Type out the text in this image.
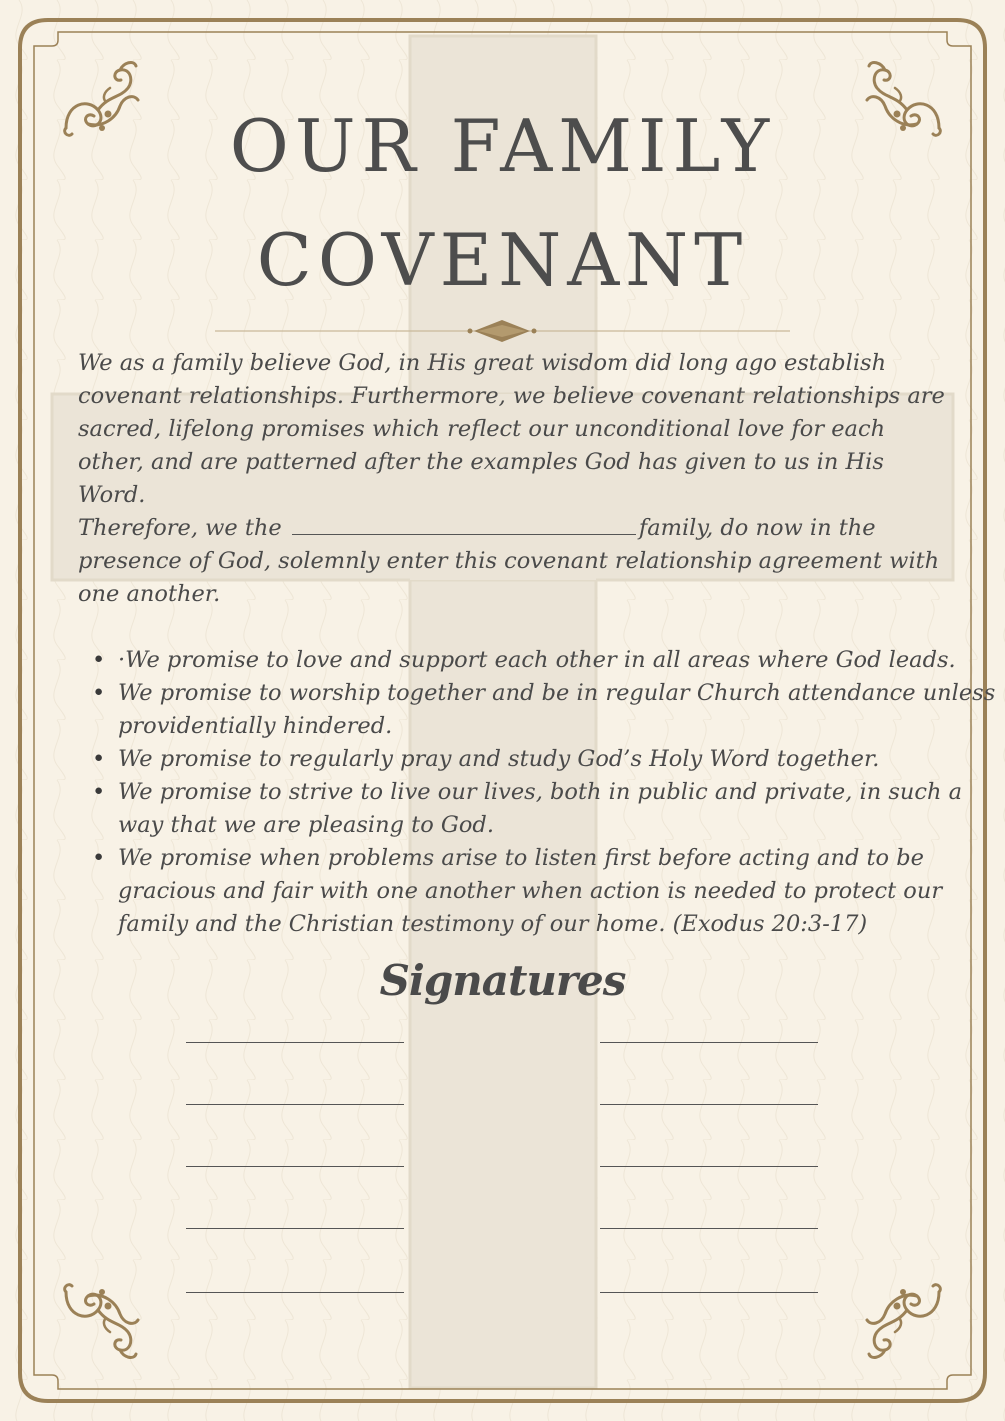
OUR FAMILY
COVENANT

We as a family believe God, in His great wisdom did long ago establish covenant relationships. Furthermore, we believe covenant relationships are sacred, lifelong promises which reflect our unconditional love for each other, and are patterned after the examples God has given to us in His Word.

Therefore, we the	family, do now in the presence of God, solemnly enter this covenant relationship agreement with one another.

• ·We promise to love and support each other in all areas where God leads.
• We promise to worship together and be in regular Church attendance unless providentially hindered.
• We promise to regularly pray and study God’s Holy Word together.
• We promise to strive to live our lives, both in public and private, in such a way that we are pleasing to God.
• We promise when problems arise to listen first before acting and to be gracious and fair with one another when action is needed to protect our family and the Christian testimony of our home. (Exodus 20:3-17)
Signatures
